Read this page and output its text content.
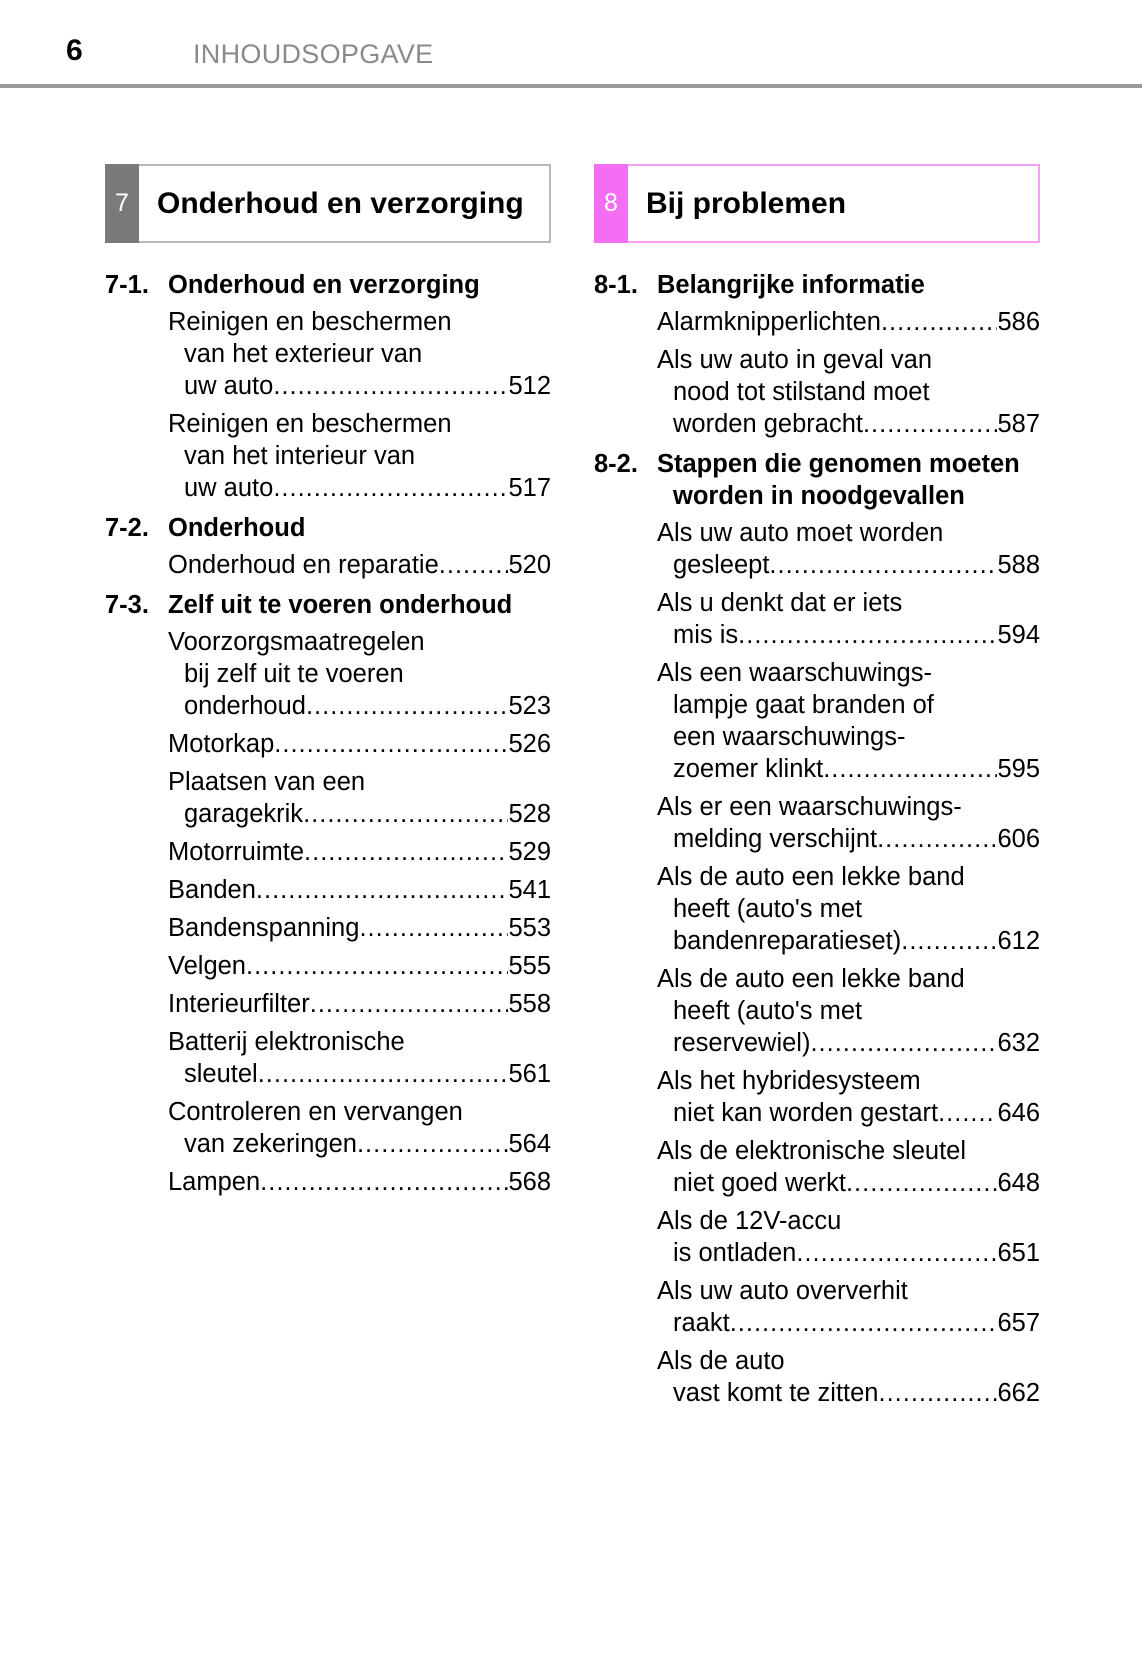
6	INHOUDSOPGAVE
7 Onderhoud en verzorging
7-1. Onderhoud en verzorging
Reinigen en beschermen
van het exterieur van
uw auto .....	512
Reinigen en beschermen
van het interieur van
uw auto .....	517
7-2. Onderhoud
Onderhoud en reparatie .....	520
7-3. Zelf uit te voeren onderhoud
Voorzorgsmaatregelen
bij zelf uit te voeren
onderhoud .....	523
Motorkap .....	526
Plaatsen van een
garagekrik .....	528
Motorruimte .....	529
Banden .....	541
Bandenspanning .....	553
Velgen .....	555
Interieurfilter .....	558
Batterij elektronische
sleutel .....	561
Controleren en vervangen
van zekeringen .....	564
Lampen .....	568
8 Bij problemen
8-1. Belangrijke informatie
Alarmknipperlichten .....	586
Als uw auto in geval van
nood tot stilstand moet
worden gebracht .....	587
8-2. Stappen die genomen moeten worden in noodgevallen
Als uw auto moet worden
gesleept .....	588
Als u denkt dat er iets
mis is .....	594
Als een waarschuwings-
lampje gaat branden of
een waarschuwings-
zoemer klinkt .....	595
Als er een waarschuwings-
melding verschijnt .....	606
Als de auto een lekke band
heeft (auto's met
bandenreparatieset) .....	612
Als de auto een lekke band
heeft (auto's met
reservewiel) .....	632
Als het hybridesysteem
niet kan worden gestart ..... 646
Als de elektronische sleutel
niet goed werkt .....	648
Als de 12V-accu
is ontladen .....	651
Als uw auto oververhit
raakt .....	657
Als de auto
vast komt te zitten .....	662
